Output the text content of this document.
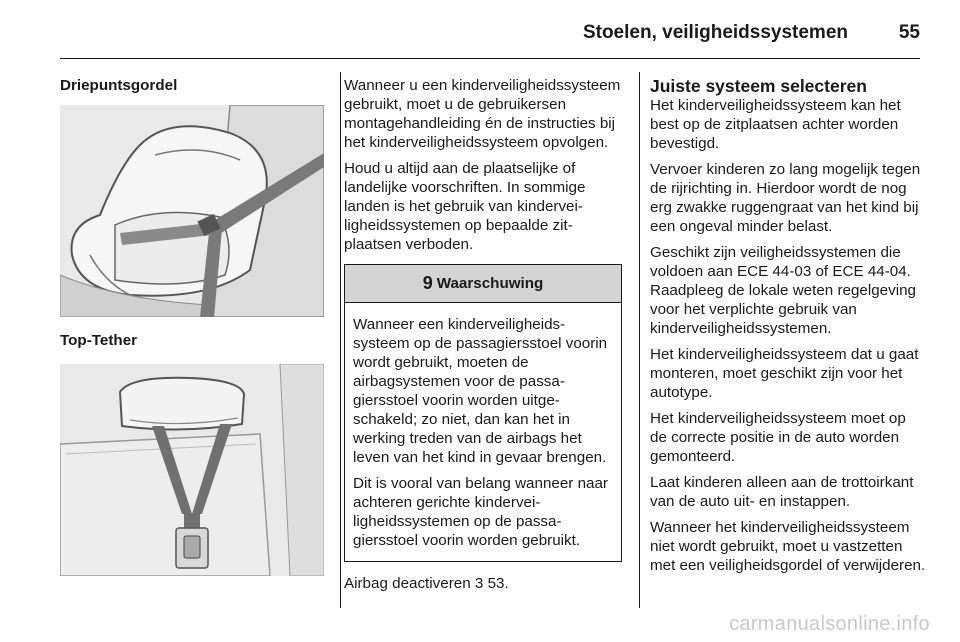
Stoelen, veiligheidssystemen	55
Driepuntsgordel
Top-Tether

Wanneer u een kinderveiligheidssysteem gebruikt, moet u de gebruikersen montagehandleiding én de instructies bij het kinderveiligheidssysteem opvolgen.

Houd u altijd aan de plaatselijke of landelijke voorschriften. In sommige landen is het gebruik van kinderveiligheidssystemen op bepaalde zitplaatsen verboden.

9 Waarschuwing

Wanneer een kinderveiligheidssysteem op de passagiersstoel voorin wordt gebruikt, moeten de airbagsystemen voor de passagiersstoel voorin worden uitgeschakeld; zo niet, dan kan het in werking treden van de airbags het leven van het kind in gevaar brengen.

Dit is vooral van belang wanneer naar achteren gerichte kinderveiligheidssystemen op de passagiersstoel voorin worden gebruikt.

Airbag deactiveren 3 53.

Juiste systeem selecteren

Het kinderveiligheidssysteem kan het best op de zitplaatsen achter worden bevestigd.

Vervoer kinderen zo lang mogelijk tegen de rijrichting in. Hierdoor wordt de nog erg zwakke ruggengraat van het kind bij een ongeval minder belast.

Geschikt zijn veiligheidssystemen die voldoen aan ECE 44-03 of ECE 44-04. Raadpleeg de lokale weten regelgeving voor het verplichte gebruik van kinderveiligheidssystemen.

Het kinderveiligheidssysteem dat u gaat monteren, moet geschikt zijn voor het autotype.

Het kinderveiligheidssysteem moet op de correcte positie in de auto worden gemonteerd.

Laat kinderen alleen aan de trottoirkant van de auto uit- en instappen.

Wanneer het kinderveiligheidssysteem niet wordt gebruikt, moet u vastzetten met een veiligheidsgordel of verwijderen.

carmanualsonline.info
